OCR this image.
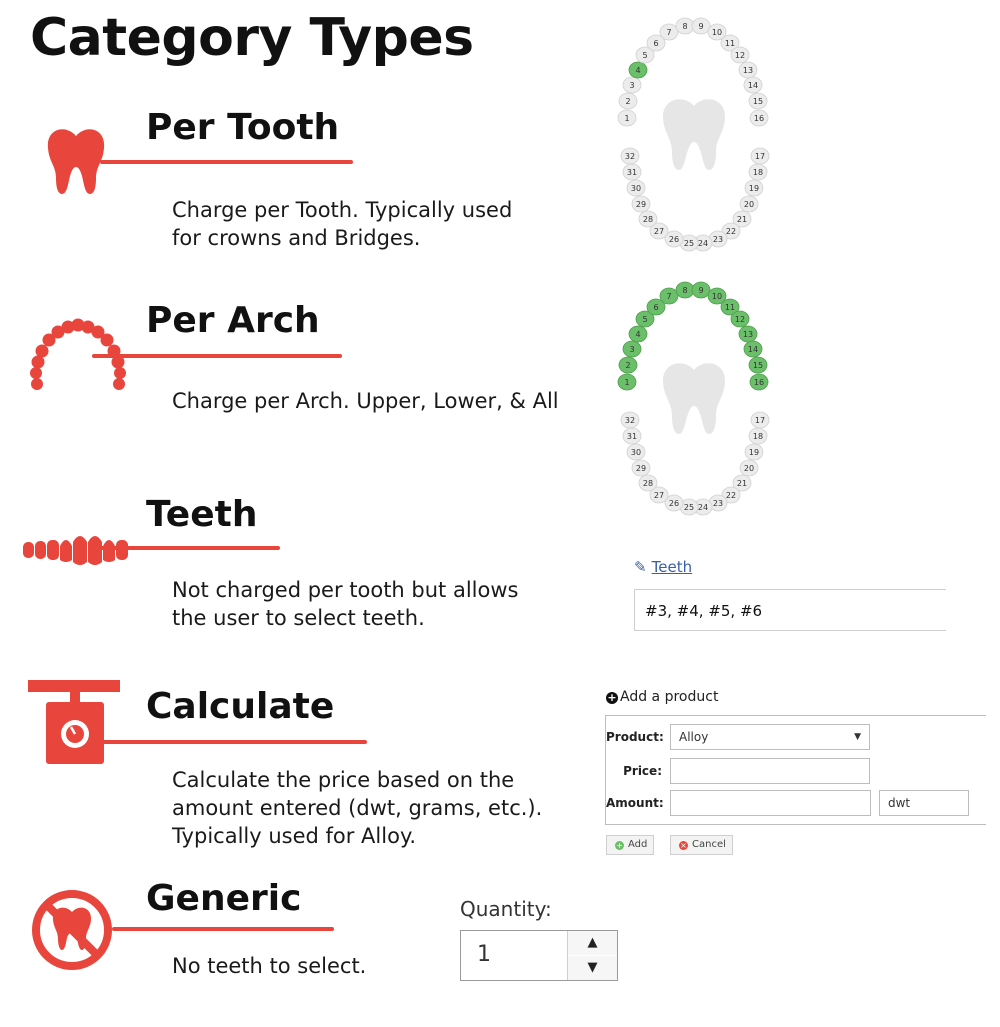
Category Types
Per Tooth
Charge per Tooth. Typically used
for crowns and Bridges.
Per Arch
Charge per Arch. Upper, Lower, & All
Teeth
Not charged per tooth but allows
the user to select teeth.
Calculate
Calculate the price based on the
amount entered (dwt, grams, etc.).
Typically used for Alloy.
Generic
No teeth to select.
1
2
3
4
5
6
7
8 9
10
11
12
13
14
15
16
17
18
19
20
21
22
23
24
25
26
27
28
29
30
31
32
1
2
3
4
5
6
7
8 9
10
11
12
13
14
15
16
17
18
19
20
21
22
23
24
25
26
27
28
29
30
31
32
✎ Teeth
#3, #4, #5, #6
+ Add a product
Product:	Alloy	▼
Price:
Amount:	dwt
+ Add	× Cancel
Quantity:
1	▲
▼
